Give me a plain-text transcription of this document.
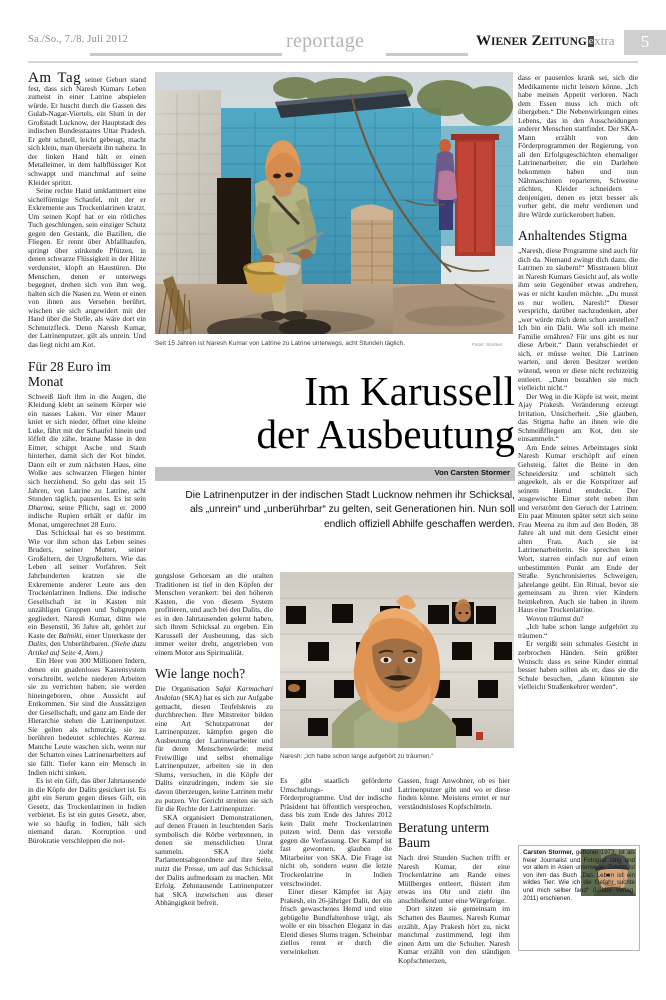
Sa./So., 7./8. Juli 2012	reportage	WIENER ZEITUNG extra	5
Seit 15 Jahren ist Naresh Kumar von Latrine zu Latrine unterwegs, acht Stunden täglich.	Fotos: Stormer
Im Karussell
der Ausbeutung
Von Carsten Stormer
Die Latrinenputzer in der indischen Stadt Lucknow nehmen ihr Schicksal, als „unrein“ und „unberührbar“ zu gelten, seit Generationen hin. Nun soll endlich offiziell Abhilfe geschaffen werden.

Am Tag seiner Geburt stand fest, dass sich Naresh Kumars Leben zumeist in einer Latrine abspielen würde. Er huscht durch die Gassen des Gulab-Nagar-Viertels, ein Slum in der Großstadt Lucknow, der Hauptstadt des indischen Bundesstaates Uttar Pradesh. Er geht schnell, leicht gebeugt, macht sich klein, man übersieht ihn nahezu. In der linken Hand hält er einen Metalleimer, in dem halbflüssiger Kot schwappt und manchmal auf seine Kleider spritzt.

Seine rechte Hand umklammert eine sichelförmige Schaufel, mit der er Exkremente aus Trockenlatrinen kratzt. Um seinen Kopf hat er ein rötliches Tuch geschlungen, sein einziger Schutz gegen den Gestank, die Bazillen, die Fliegen. Er rennt über Abfallhaufen, springt über stinkende Pfützen, in denen schwarze Flüssigkeit in der Hitze verdunstet, klopft an Haustüren. Die Menschen, denen er unterwegs begegnet, drehen sich von ihm weg, halten sich die Nasen zu. Wenn er einen von ihnen aus Versehen berührt, wischen sie sich angewidert mit der Hand über die Stelle, als wäre dort ein Schmutzfleck. Denn Naresh Kumar, der Latrinenputzer, gilt als unrein. Und das liegt nicht am Kot.

Für 28 Euro im Monat

Schweiß läuft ihm in die Augen, die Kleidung klebt an seinem Körper wie ein nasses Laken. Vor einer Mauer kniet er sich nieder, öffnet eine kleine Luke, fährt mit der Schaufel hinein und löffelt die zähe, braune Masse in den Eimer, schippt Asche und Staub hinterher, damit sich der Kot bindet. Dann eilt er zum nächsten Haus, eine Wolke aus schwarzen Fliegen hinter sich herziehend. So geht das seit 15 Jahren, von Latrine zu Latrine, acht Stunden täglich, pausenlos. Es ist sein Dharma, seine Pflicht, sagt er. 2000 indische Rupien erhält er dafür im Monat, umgerechnet 28 Euro.

Das Schicksal hat es so bestimmt. Wie vor ihm schon das Leben seines Bruders, seiner Mutter, seiner Großeltern, der Urgroßeltern. Wie das Leben all seiner Vorfahren. Seit Jahrhunderten kratzen sie die Exkremente anderer Leute aus den Trockenlatrinen Indiens. Die indische Gesellschaft ist in Kasten mit unzähligen Gruppen und Subgruppen gegliedert. Naresh Kumar, dünn wie ein Besenstil, 36 Jahre alt, gehört zur Kaste der Balmiki, einer Unterkaste der Dalits, den Unberührbaren. (Siehe dazu Artikel auf Seite 4, Anm.)

Ein Heer von 300 Millionen Indern, denen ein gnadenloses Kastensystem vorschreibt, welche niederen Arbeiten sie zu verrichten haben; sie werden hineingeboren, ohne Aussicht auf Entkommen. Sie sind die Aussätzigen der Gesellschaft, und ganz am Ende der Hierarchie stehen die Latrinenputzer. Sie gelten als schmutzig, sie zu berühren bedeutet schlechtes Karma. Manche Leute waschen sich, wenn nur der Schatten eines Latrinenarbeiters auf sie fällt. Tiefer kann ein Mensch in Indien nicht sinken.

Es ist ein Gift, das über Jahrtausende in die Köpfe der Dalits gesickert ist. Es gibt ein Serum gegen dieses Gift, ein Gesetz, das Trockenlatrinen in Indien verbietet. Es ist ein gutes Gesetz, aber, wie so häufig in Indien, hält sich niemand daran. Korruption und Bürokratie verschleppen die not-

gungslose Gehorsam an die uralten Traditionen ist tief in den Köpfen der Menschen verankert: bei den höheren Kasten, die von diesem System profitieren, und auch bei den Dalits, die es in den Jahrtausenden gelernt haben, sich ihrem Schicksal zu ergeben. Ein Karussell der Ausbeutung, das sich immer weiter dreht, angetrieben von einem Motor aus Spiritualität.

Wie lange noch?

Die Organisation Safai Karmachari Andolan (SKA) hat es sich zur Aufgabe gemacht, diesen Teufelskreis zu durchbrechen. Ihre Mitstreiter bilden eine Art Schutzpatronat der Latrinenputzer, kämpfen gegen die Ausbeutung der Latrinenarbeiter und für deren Menschenwürde: meist Freiwillige und selbst ehemalige Latrinenputzer, arbeiten sie in den Slums, versuchen, in die Köpfe der Dalits einzudringen, indem sie sie davon überzeugen, keine Latrinen mehr zu putzen. Vor Gericht streiten sie sich für die Rechte der Latrinenputzer.

SKA organisiert Demonstrationen, auf denen Frauen in leuchtenden Saris symbolisch die Körbe verbrennen, in denen sie menschlichen Unrat sammeln. SKA zieht Parlamentsabgeordnete auf ihre Seite, nutzt die Presse, um auf das Schicksal der Dalits aufmerksam zu machen. Mit Erfolg. Zehntausende Latrinenputzer hat SKA inzwischen aus dieser Abhängigkeit befreit.

Naresh: „Ich habe schon lange aufgehört zu träumen.“

Es gibt staatlich geförderte Umschulungs- und Förderprogramme. Und der indische Präsident hat öffentlich versprochen, dass bis zum Ende des Jahres 2012 kein Dalit mehr Trockenlatrinen putzen wird. Denn das verstoße gegen die Verfassung. Der Kampf ist fast gewonnen, glauben die Mitarbeiter von SKA. Die Frage ist nicht ob, sondern wann die letzte Trockenlatrine in Indien verschwindet.

Einer dieser Kämpfer ist Ajay Prakesh, ein 26-jähriger Dalit, der ein frisch gewaschenes Hemd und eine gebügelte Bundfaltenhose trägt, als wolle er ein bisschen Eleganz in das Elend dieses Slums tragen. Scheinbar ziellos rennt er durch die verwinkelten

Gassen, fragt Anwohner, ob es hier Latrinenputzer gibt und wo er diese finden könne. Meistens erntet er nur verständnisloses Kopfschütteln.

Beratung unterm Baum

Nach drei Stunden Suchen trifft er Naresh Kumar, der eine Trockenlatrine am Rande eines Müllberges entleert, flüstert ihm etwas ins Ohr und zieht ihn anschließend unter eine Würgefeige.

Dort sitzen sie gemeinsam im Schatten des Baumes. Naresh Kumar erzählt, Ajay Prakesh hört zu, nickt manchmal zustimmend, legt ihm einen Arm um die Schulter. Naresh Kumar erzählt von den ständigen Kopfschmerzen,

dass er pausenlos krank sei, sich die Medikamente nicht leisten könne. „Ich habe meinen Appetit verloren. Nach dem Essen muss ich mich oft übergeben.“ Die Nebenwirkungen eines Lebens, das in den Ausscheidungen anderer Menschen stattfindet. Der SKA-Mann erzählt von den Förderprogrammen der Regierung, von all den Erfolgsgeschichten ehemaliger Latrinenarbeiter, die ein Darlehen bekommen haben und nun Nähmaschinen reparieren, Schweine züchten, Kleider schneidern – denjenigen, denen es jetzt besser als vorher geht, die mehr verdienen und ihre Würde zurückerobert haben.

Anhaltendes Stigma

„Naresh, diese Programme sind auch für dich da. Niemand zwingt dich dazu, die Latrinen zu säubern!“ Misstrauen blitzt in Naresh Kumars Gesicht auf, als wolle ihm sein Gegenüber etwas andrehen, was er nicht kaufen möchte. „Du musst es nur wollen, Naresh!“ Dieser verspricht, darüber nachzudenken, aber „wer würde mich denn schon anstellen? Ich bin ein Dalit. Wie soll ich meine Familie ernähren? Für uns gibt es nur diese Arbeit.“ Dann verabschiedet er sich, er müsse weiter. Die Latrinen warten, und deren Besitzer werden wütend, wenn er diese nicht rechtzeitig entleert. „Dann bezahlen sie mich vielleicht nicht.“

Der Weg in die Köpfe ist weit, meint Ajay Prakesh. Veränderung erzeugt Irritation, Unsicherheit. „Sie glauben, das Stigma hafte an ihnen wie die Schmeißfliegen am Kot, den sie einsammeln.“

Am Ende seines Arbeitstages sinkt Naresh Kumar erschöpft auf einen Gehsteig, faltet die Beine in den Schneidersitz und schüttelt sich angeekelt, als er die Kotspritzer auf seinem Hemd entdeckt. Der ausgewischte Eimer steht neben ihm und verströmt den Geruch der Latrinen. Ein paar Minuten später setzt sich seine Frau Meena zu ihm auf den Boden, 38 Jahre alt und mit dem Gesicht einer alten Frau. Auch sie ist Latrinenarbeiterin. Sie sprechen kein Wort, starren einfach nur auf einen unbestimmten Punkt am Ende der Straße. Synchronisiertes Schweigen, jahrelange geübt. Ein Ritual, bevor sie gemeinsam zu ihren vier Kindern heimkehren. Auch sie haben in ihrem Haus eine Trockenlatrine.

Wovon träumst du?

„Ich habe schon lange aufgehört zu träumen.“

Er vergißt sein schmales Gesicht in zerbrochen Händen. Sein größter Wunsch: dass es seine Kinder einmal besser haben sollen als er, dass sie die Schule besuchen, „dann könnten sie vielleicht Straßenkehrer werden“.

Carsten Stormer, geboren 1973, ist als freier Journalist und Fotograf tätig und vor allem in Asien unterwegs. Zuletzt ist von ihm das Buch „Das Leben ist ein wildes Tier: Wie ich die Gefahr suchte und mich selber fand“ (Lübbe Verlag, 2011) erschienen.
